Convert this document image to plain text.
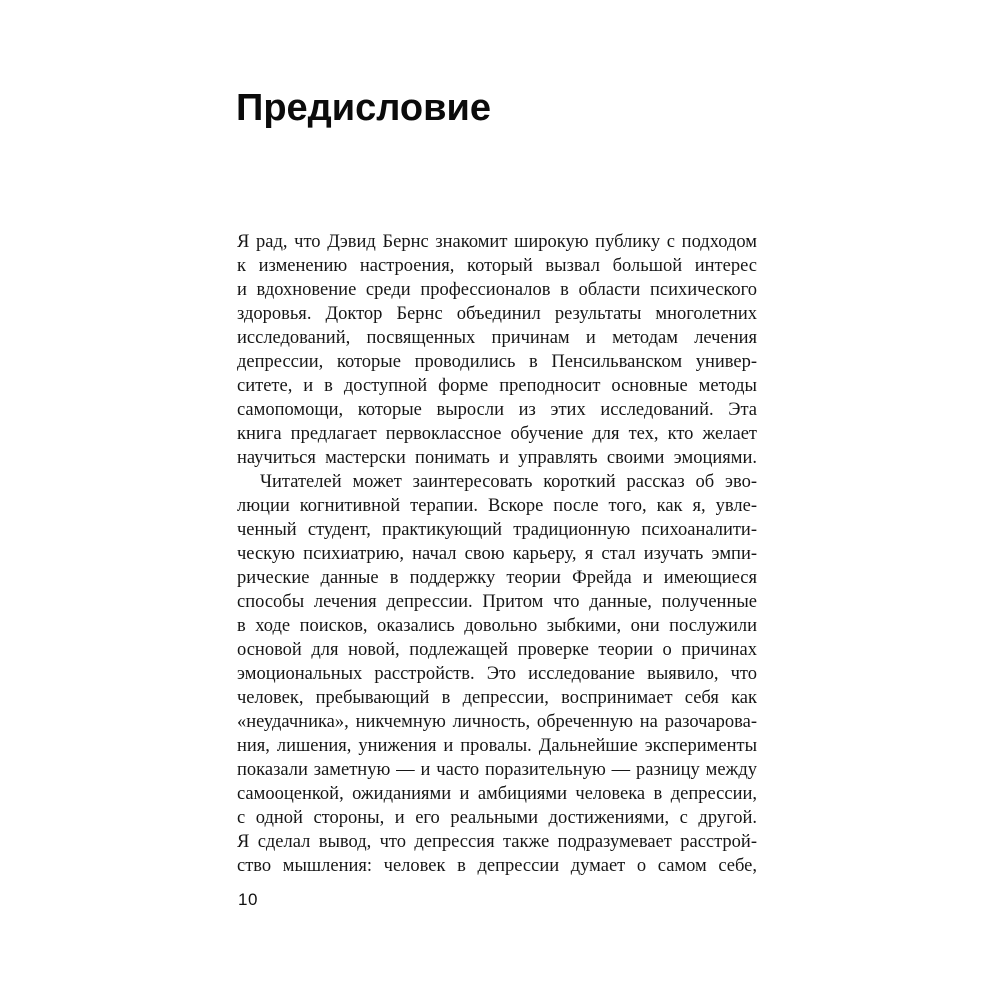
Предисловие
Я рад, что Дэвид Бернс знакомит широкую публику с подходом
к изменению настроения, который вызвал большой интерес
и вдохновение среди профессионалов в области психического
здоровья. Доктор Бернс объединил результаты многолетних
исследований, посвященных причинам и методам лечения
депрессии, которые проводились в Пенсильванском универ-
ситете, и в доступной форме преподносит основные методы
самопомощи, которые выросли из этих исследований. Эта
книга предлагает первоклассное обучение для тех, кто желает
научиться мастерски понимать и управлять своими эмоциями.
Читателей может заинтересовать короткий рассказ об эво-
люции когнитивной терапии. Вскоре после того, как я, увле-
ченный студент, практикующий традиционную психоаналити-
ческую психиатрию, начал свою карьеру, я стал изучать эмпи-
рические данные в поддержку теории Фрейда и имеющиеся
способы лечения депрессии. Притом что данные, полученные
в ходе поисков, оказались довольно зыбкими, они послужили
основой для новой, подлежащей проверке теории о причинах
эмоциональных расстройств. Это исследование выявило, что
человек, пребывающий в депрессии, воспринимает себя как
«неудачника», никчемную личность, обреченную на разочарова-
ния, лишения, унижения и провалы. Дальнейшие эксперименты
показали заметную — и часто поразительную — разницу между
самооценкой, ожиданиями и амбициями человека в депрессии,
с одной стороны, и его реальными достижениями, с другой.
Я сделал вывод, что депрессия также подразумевает расстрой-
ство мышления: человек в депрессии думает о самом себе,
10
